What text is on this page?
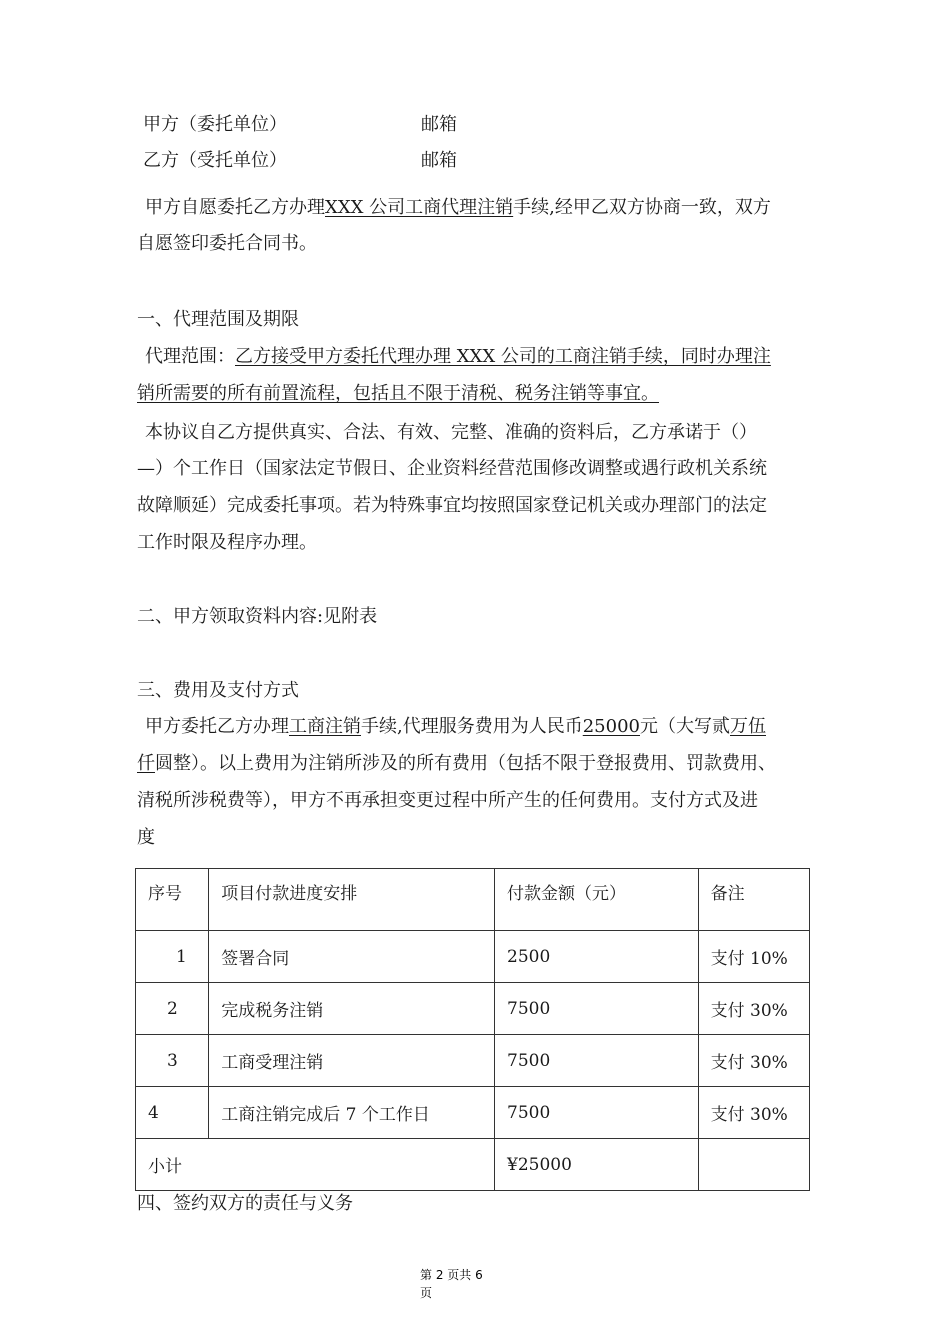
甲方（委托单位）	邮箱
乙方（受托单位）	邮箱
甲方自愿委托乙方办理XXX 公司工商代理注销手续,经甲乙双方协商一致，双方
自愿签印委托合同书。
一、代理范围及期限
代理范围：乙方接受甲方委托代理办理 XXX 公司的工商注销手续，同时办理注
销所需要的所有前置流程，包括且不限于清税、税务注销等事宜。
本协议自乙方提供真实、合法、有效、完整、准确的资料后，乙方承诺于（）
—）个工作日（国家法定节假日、企业资料经营范围修改调整或遇行政机关系统
故障顺延）完成委托事项。若为特殊事宜均按照国家登记机关或办理部门的法定
工作时限及程序办理。
二、甲方领取资料内容:见附表
三、费用及支付方式
甲方委托乙方办理工商注销手续,代理服务费用为人民币25000元（大写贰万伍
仟圆整）。以上费用为注销所涉及的所有费用（包括不限于登报费用、罚款费用、
清税所涉税费等），甲方不再承担变更过程中所产生的任何费用。支付方式及进
度
序号	项目付款进度安排	付款金额（元）	备注
1	签署合同	2500	支付 10%
2	完成税务注销	7500	支付 30%
3	工商受理注销	7500	支付 30%
4	工商注销完成后 7 个工作日	7500	支付 30%
小计		¥25000	
四、签约双方的责任与义务
第 2 页共 6
页
